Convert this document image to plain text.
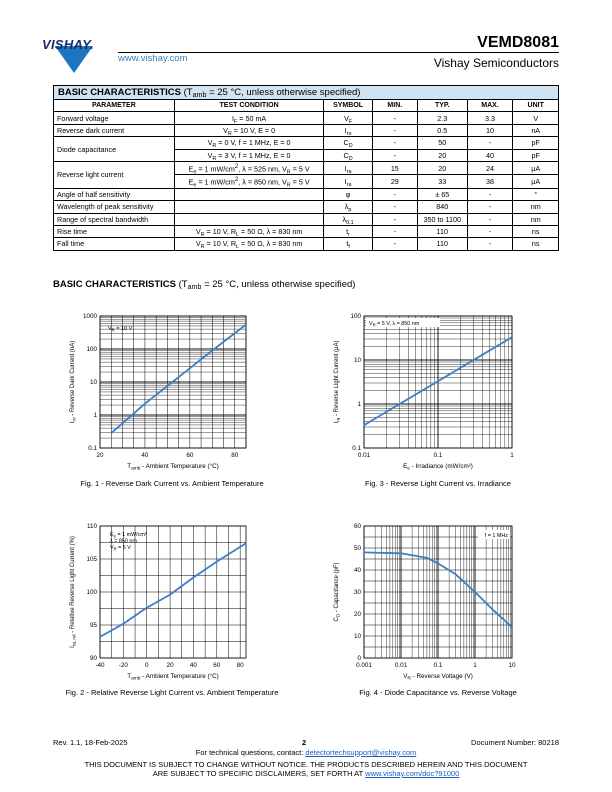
VISHAY.
www.vishay.com
VEMD8081
Vishay Semiconductors
BASIC CHARACTERISTICS ($T_{amb} = 25$ °C, unless otherwise specified)						
PARAMETER	TEST CONDITION	SYMBOL	MIN.	TYP.	MAX.	UNIT
Forward voltage	$I_F = 50$ mA	$V_F$	-	2.3	3.3	V
Reverse dark current	$V_R = 10$ V, E = 0	$I_{ro}$	-	0.5	10	nA
Diode capacitance	$V_R = 0$ V, f = 1 MHz, E = 0	$C_D$	-	50	-	pF
	$V_R = 3$ V, f = 1 MHz, E = 0	$C_D$	-	20	40	pF
Reverse light current	$E_e = 1$ $mW/cm^2$, λ = 525 nm, $V_R = 5$ V	$I_{ra}$	15	20	24	μA
	$E_e = 1$ $mW/cm^2$, λ = 850 nm, $V_R = 5$ V	$I_{ra}$	29	33	38	μA
Angle of half sensitivity		φ	-	± 65	-	°
Wavelength of peak sensitivity		$\lambda_p$	-	840	-	nm
Range of spectral bandwidth		$\lambda_{0.1}$	-	350 to 1100	-	nm
Rise time	$V_R = 10$ V, $R_L = 50$ Ω, λ = 830 nm	$t_r$	-	110	-	ns
Fall time	$V_R = 10$ V, $R_L = 50$ Ω, λ = 830 nm	$t_f$	-	110	-	ns
BASIC CHARACTERISTICS ($T_{amb} = 25$ °C, unless otherwise specified)
0.1
1
10
100
1000
20	40	60	80
$T_{amb}$ - Ambient Temperature (°C)
$I_{ro}$ - Reverse Dark Current (nA)
$V_R = 10$ V
Fig. 1 - Reverse Dark Current vs. Ambient Temperature
90
95
100
105
110
-40 -20	0	20	40	60	80
$T_{amb}$ - Ambient Temperature (°C)
$I_{ra, rel}$ - Relative Reverse Light Current (%)
$E_e = 1$ mW/cm²
λ = 850 nm
$V_R = 5$ V
Fig. 2 - Relative Reverse Light Current vs. Ambient Temperature
0.1
1
10
100
0.01	0.1	1
$E_e$ - Irradiance (mW/cm²)
$I_{ra}$ - Reverse Light Current (μA)
$V_R = 5$ V, λ = 850 nm
Fig. 3 - Reverse Light Current vs. Irradiance
0
10
20
30
40
50
60
0.001	0.01	0.1	1	10
$V_R$ - Reverse Voltage (V)
$C_D$ - Capacitance (pF)
f = 1 MHz
Fig. 4 - Diode Capacitance vs. Reverse Voltage
Rev. 1.1, 18-Feb-2025	2	Document Number: 80218
For technical questions, contact: detectortechsupport@vishay.com
THIS DOCUMENT IS SUBJECT TO CHANGE WITHOUT NOTICE. THE PRODUCTS DESCRIBED HEREIN AND THIS DOCUMENT
ARE SUBJECT TO SPECIFIC DISCLAIMERS, SET FORTH AT www.vishay.com/doc?91000
